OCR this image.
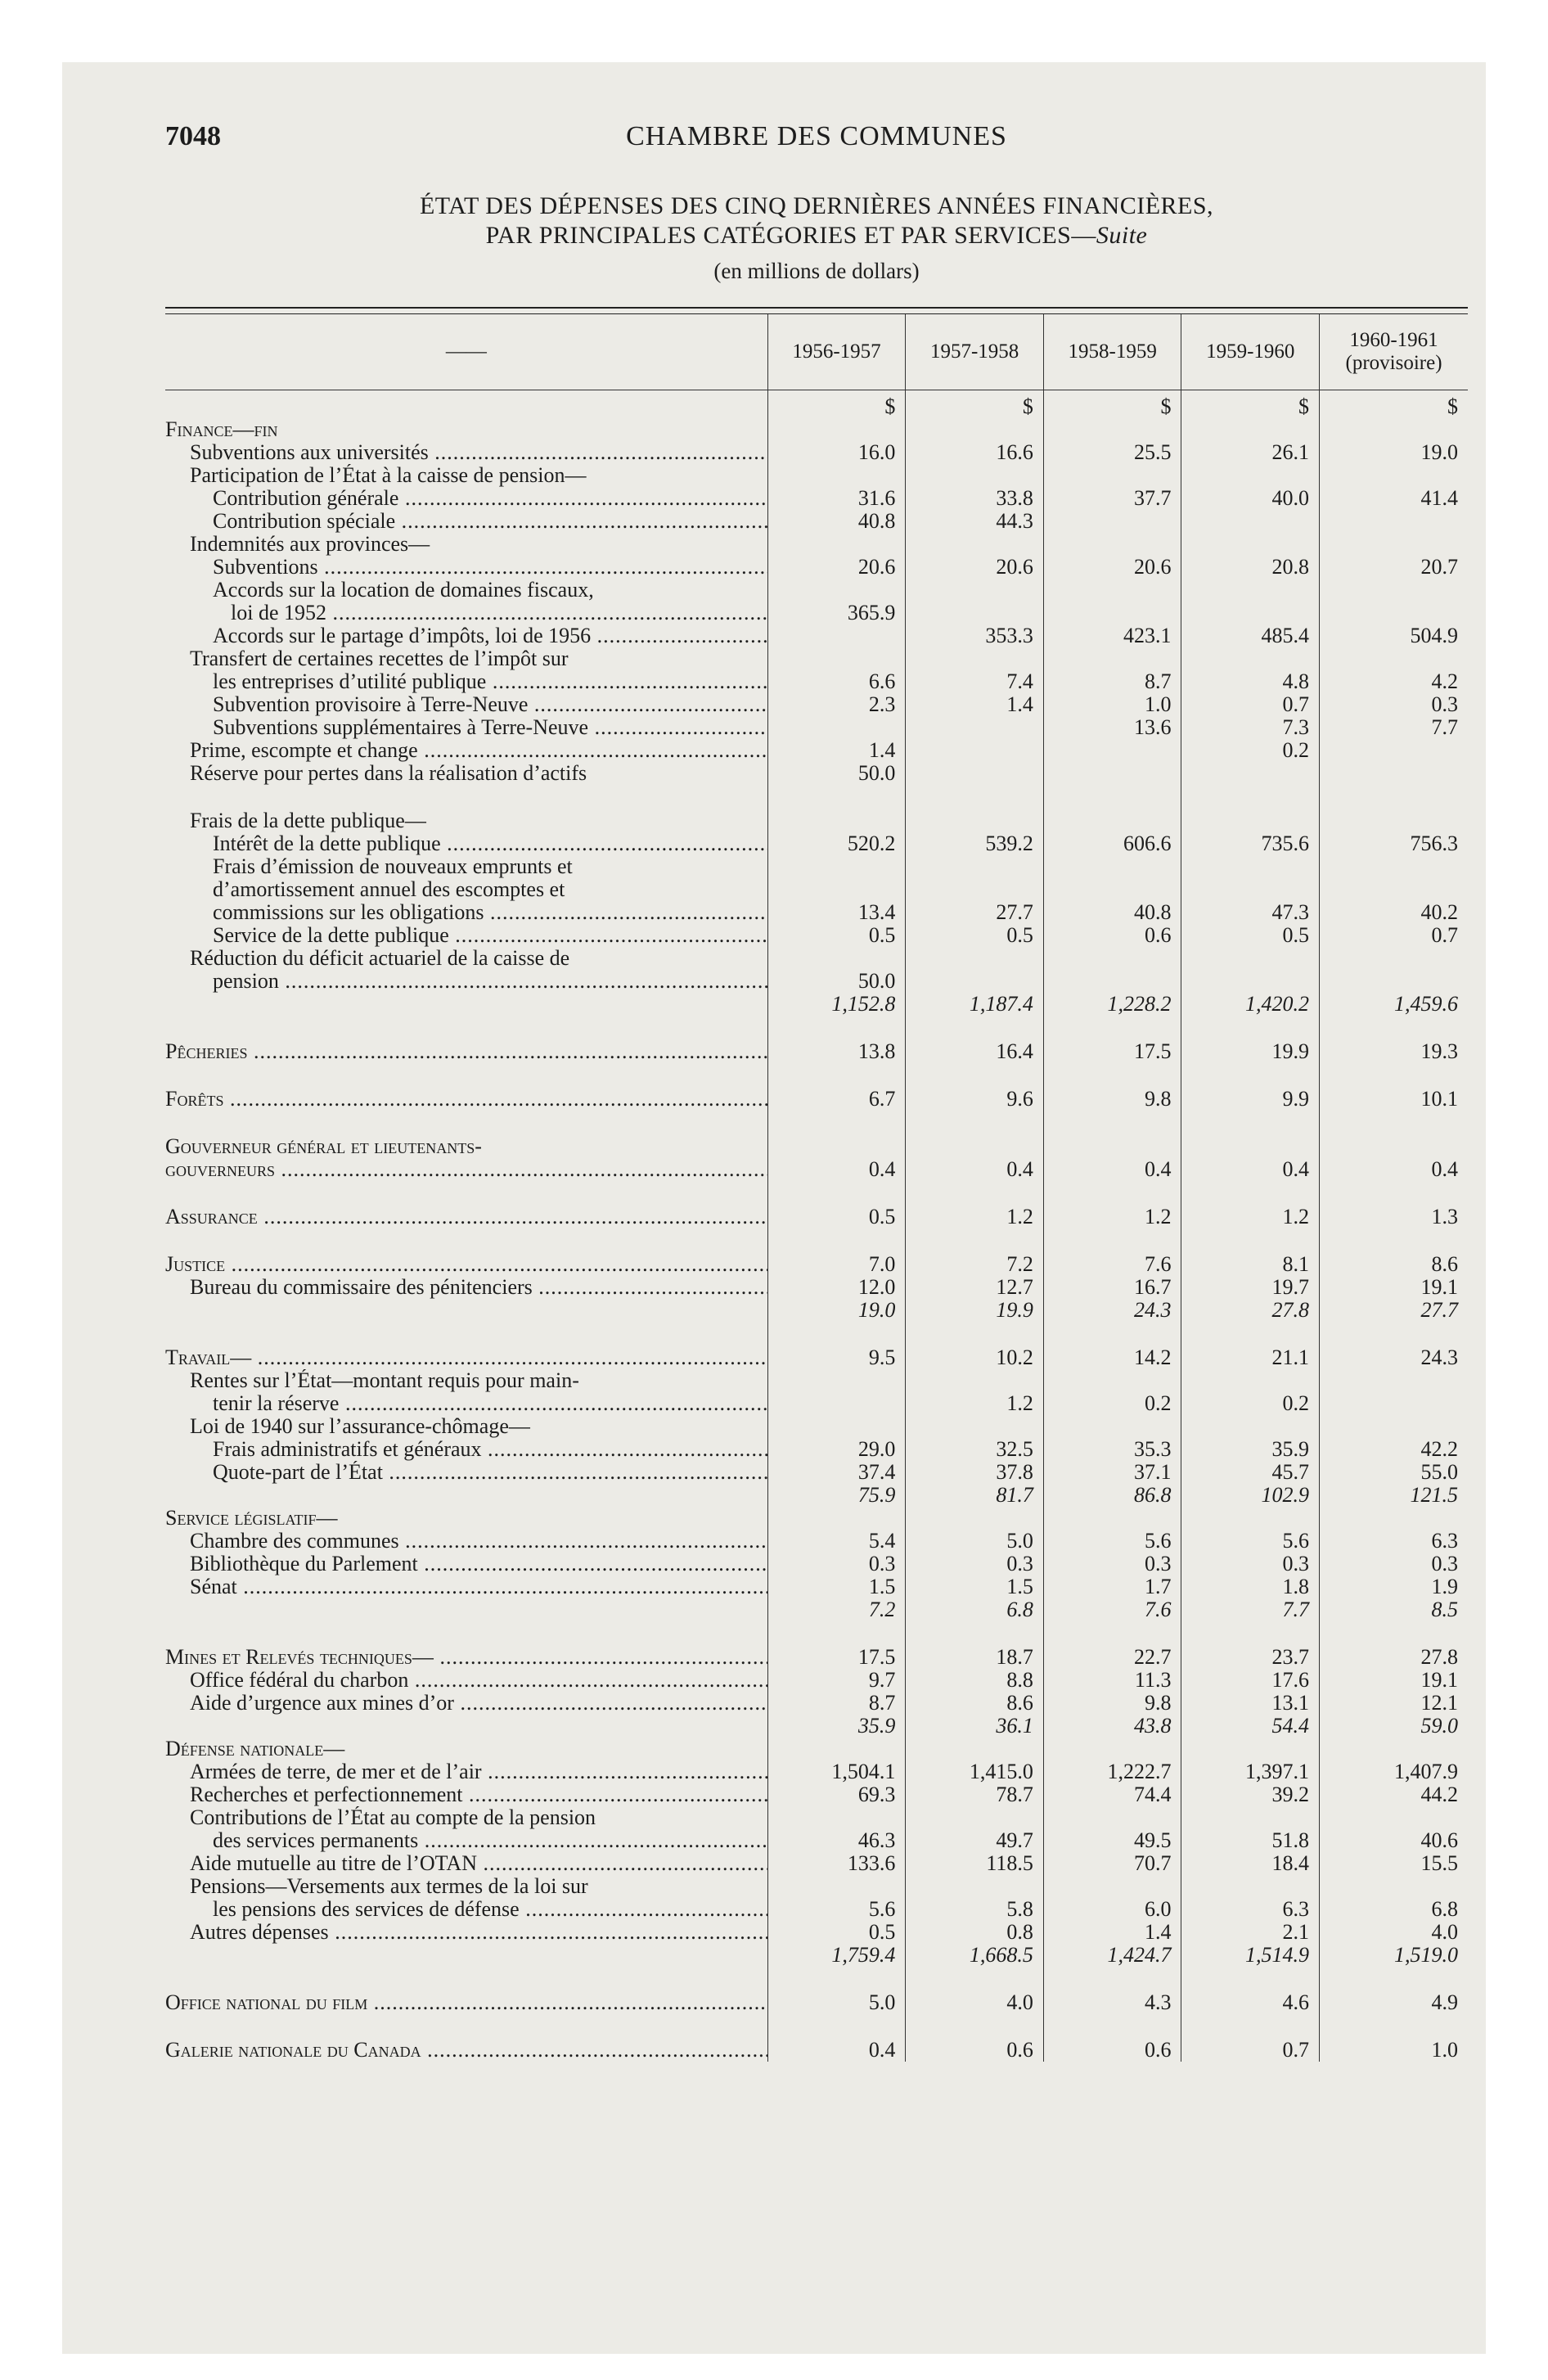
7048	CHAMBRE DES COMMUNES
ÉTAT DES DÉPENSES DES CINQ DERNIÈRES ANNÉES FINANCIÈRES,
PAR PRINCIPALES CATÉGORIES ET PAR SERVICES—Suite
(en millions de dollars)
——	1956-1957	1957-1958	1958-1959	1959-1960	1960-1961
(provisoire)

	$	$	$	$	$
Finance—fin					
Subventions aux universités .....	16.0	16.6	25.5	26.1	19.0
Participation de l’État à la caisse de pension—					
Contribution générale .....	31.6	33.8	37.7	40.0	41.4
Contribution spéciale .....	40.8	44.3			
Indemnités aux provinces—					
Subventions .....	20.6	20.6	20.6	20.8	20.7
Accords sur la location de domaines fiscaux,					
loi de 1952 .....	365.9				
Accords sur le partage d’impôts, loi de 1956 .....		353.3	423.1	485.4	504.9
Transfert de certaines recettes de l’impôt sur					
les entreprises d’utilité publique .....	6.6	7.4	8.7	4.8	4.2
Subvention provisoire à Terre-Neuve .....	2.3	1.4	1.0	0.7	0.3
Subventions supplémentaires à Terre-Neuve .....			13.6	7.3	7.7
Prime, escompte et change .....	1.4			0.2	
Réserve pour pertes dans la réalisation d’actifs	50.0				

Frais de la dette publique—					
Intérêt de la dette publique .....	520.2	539.2	606.6	735.6	756.3
Frais d’émission de nouveaux emprunts et					
d’amortissement annuel des escomptes et					
commissions sur les obligations .....	13.4	27.7	40.8	47.3	40.2
Service de la dette publique .....	0.5	0.5	0.6	0.5	0.7
Réduction du déficit actuariel de la caisse de					
pension .....	50.0				
	1,152.8	1,187.4	1,228.2	1,420.2	1,459.6

Pêcheries .....	13.8	16.4	17.5	19.9	19.3

Forêts .....	6.7	9.6	9.8	9.9	10.1

Gouverneur général et lieutenants-					
gouverneurs .....	0.4	0.4	0.4	0.4	0.4

Assurance .....	0.5	1.2	1.2	1.2	1.3

Justice .....	7.0	7.2	7.6	8.1	8.6
Bureau du commissaire des pénitenciers .....	12.0	12.7	16.7	19.7	19.1
	19.0	19.9	24.3	27.8	27.7

Travail— .....	9.5	10.2	14.2	21.1	24.3
Rentes sur l’État—montant requis pour main-					
tenir la réserve .....		1.2	0.2	0.2	
Loi de 1940 sur l’assurance-chômage—					
Frais administratifs et généraux .....	29.0	32.5	35.3	35.9	42.2
Quote-part de l’État .....	37.4	37.8	37.1	45.7	55.0
	75.9	81.7	86.8	102.9	121.5
Service législatif—					
Chambre des communes .....	5.4	5.0	5.6	5.6	6.3
Bibliothèque du Parlement .....	0.3	0.3	0.3	0.3	0.3
Sénat .....	1.5	1.5	1.7	1.8	1.9
	7.2	6.8	7.6	7.7	8.5

Mines et Relevés techniques— .....	17.5	18.7	22.7	23.7	27.8
Office fédéral du charbon .....	9.7	8.8	11.3	17.6	19.1
Aide d’urgence aux mines d’or .....	8.7	8.6	9.8	13.1	12.1
	35.9	36.1	43.8	54.4	59.0
Défense nationale—					
Armées de terre, de mer et de l’air .....	1,504.1	1,415.0	1,222.7	1,397.1	1,407.9
Recherches et perfectionnement .....	69.3	78.7	74.4	39.2	44.2
Contributions de l’État au compte de la pension					
des services permanents .....	46.3	49.7	49.5	51.8	40.6
Aide mutuelle au titre de l’OTAN .....	133.6	118.5	70.7	18.4	15.5
Pensions—Versements aux termes de la loi sur					
les pensions des services de défense .....	5.6	5.8	6.0	6.3	6.8
Autres dépenses .....	0.5	0.8	1.4	2.1	4.0
	1,759.4	1,668.5	1,424.7	1,514.9	1,519.0

Office national du film .....	5.0	4.0	4.3	4.6	4.9

Galerie nationale du Canada .....	0.4	0.6	0.6	0.7	1.0
